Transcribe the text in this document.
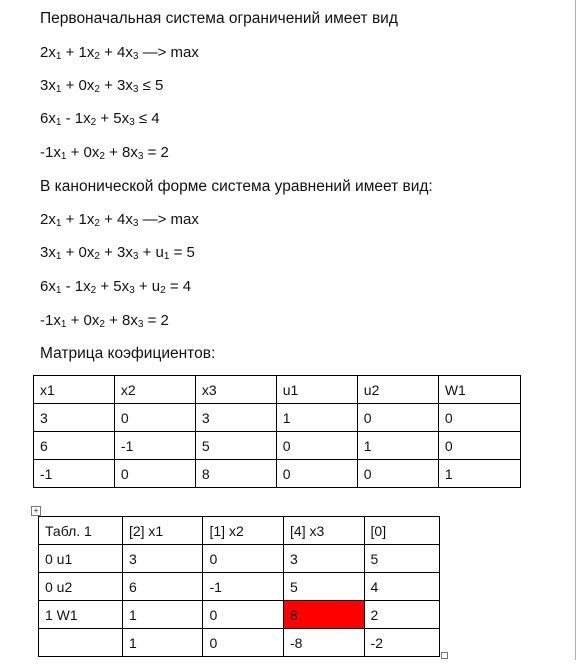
Первоначальная система ограничений имеет вид
$2x_1 + 1x_2 + 4x_3$ —> max
$3x_1 + 0x_2 + 3x_3 \le 5$
$6x_1 - 1x_2 + 5x_3 \le 4$
$-1x_1 + 0x_2 + 8x_3 = 2$
В канонической форме система уравнений имеет вид:
$2x_1 + 1x_2 + 4x_3$ —> max
$3x_1 + 0x_2 + 3x_3 + u_1 = 5$
$6x_1 - 1x_2 + 5x_3 + u_2 = 4$
$-1x_1 + 0x_2 + 8x_3 = 2$
Матрица коэфициентов:
x1	x2	x3	u1	u2	W1
3	0	3	1	0	0
6	-1	5	0	1	0
-1	0	8	0	0	1
+
Табл. 1	[2] x1	[1] x2	[4] x3	[0]
0 u1	3	0	3	5
0 u2	6	-1	5	4
1 W1	1	0	8	2
	1	0	-8	-2
